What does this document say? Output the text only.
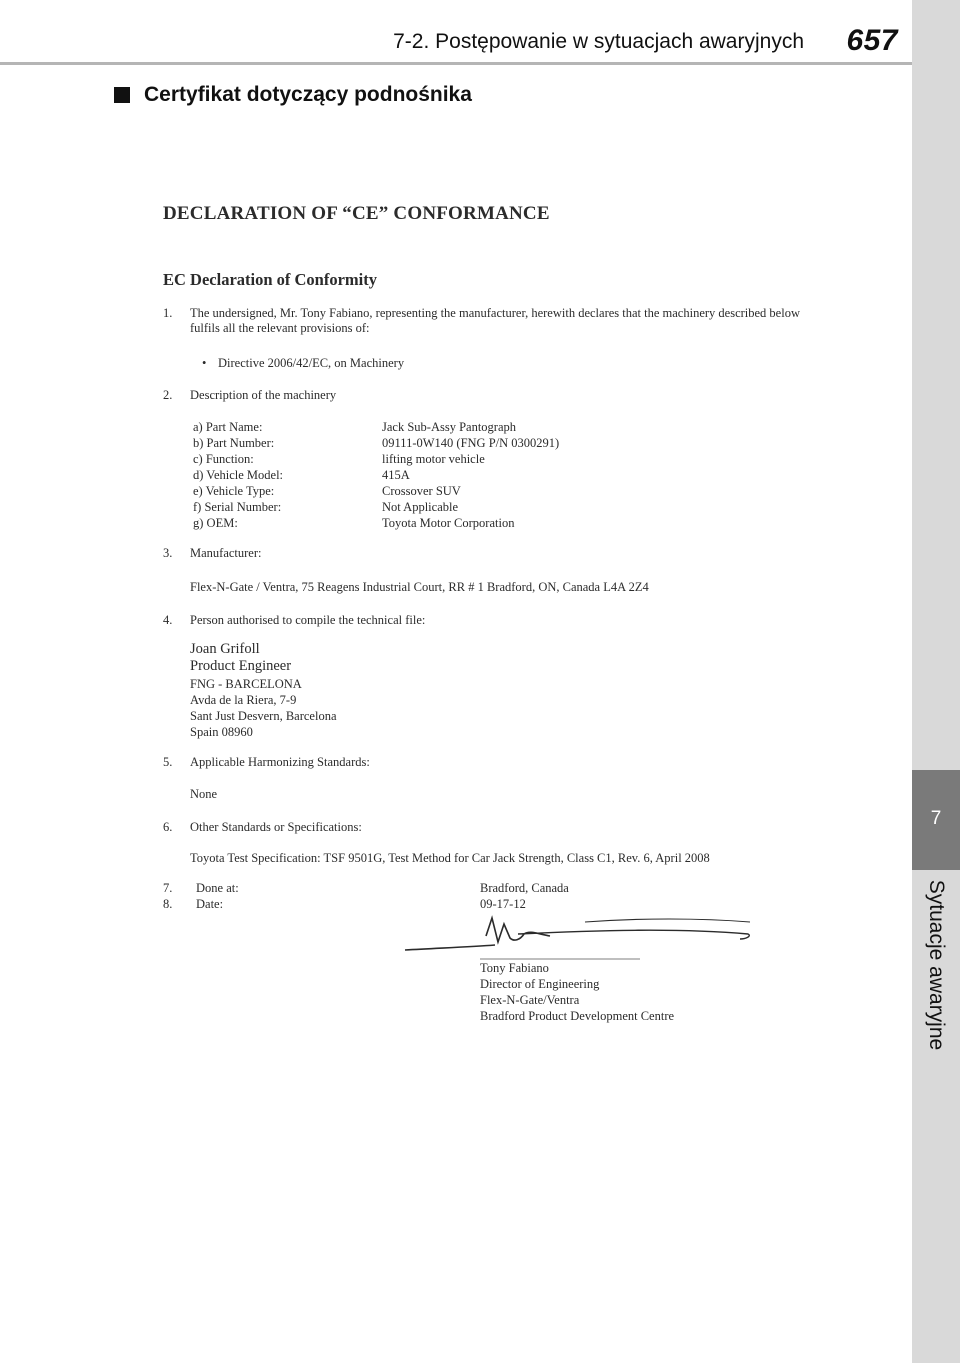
7-2. Postępowanie w sytuacjach awaryjnych 657
7
Sytuacje awaryjne
Certyfikat dotyczący podnośnika
DECLARATION OF “CE” CONFORMANCE
EC Declaration of Conformity
1. The undersigned, Mr. Tony Fabiano, representing the manufacturer, herewith declares that the machinery described below
fulfils all the relevant provisions of:
• Directive 2006/42/EC, on Machinery
2. Description of the machinery
a) Part Name:	Jack Sub-Assy Pantograph
b) Part Number:	09111-0W140 (FNG P/N 0300291)
c) Function:	lifting motor vehicle
d) Vehicle Model:	415A
e) Vehicle Type:	Crossover SUV
f) Serial Number:	Not Applicable
g) OEM:	Toyota Motor Corporation
3. Manufacturer:
Flex-N-Gate / Ventra, 75 Reagens Industrial Court, RR # 1 Bradford, ON, Canada L4A 2Z4
4. Person authorised to compile the technical file:
Joan Grifoll
Product Engineer
FNG - BARCELONA
Avda de la Riera, 7-9
Sant Just Desvern, Barcelona
Spain 08960
5. Applicable Harmonizing Standards:
None
6. Other Standards or Specifications:
Toyota Test Specification: TSF 9501G, Test Method for Car Jack Strength, Class C1, Rev. 6, April 2008
7. Done at:	Bradford, Canada
8. Date:	09-17-12
Tony Fabiano
Director of Engineering
Flex-N-Gate/Ventra
Bradford Product Development Centre
